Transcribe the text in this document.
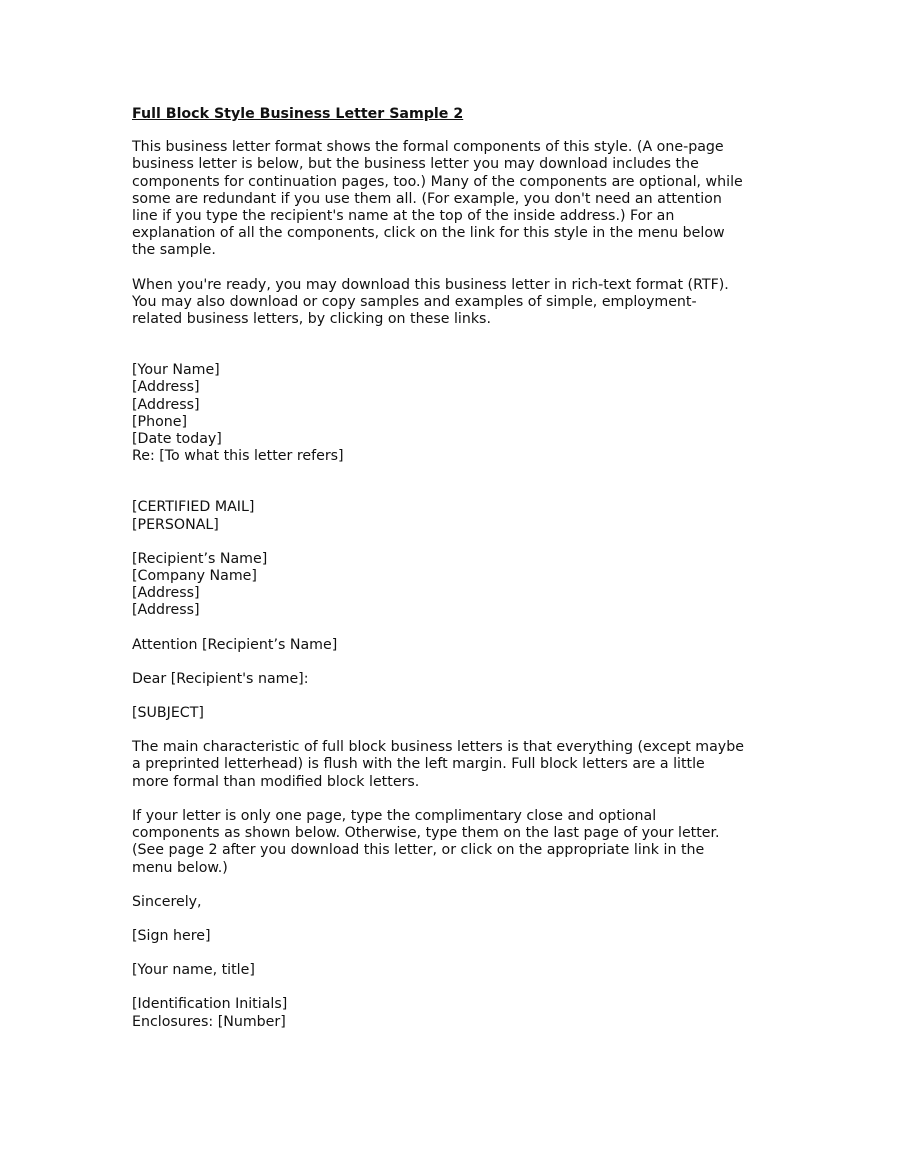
Full Block Style Business Letter Sample 2
This business letter format shows the formal components of this style. (A one-page
business letter is below, but the business letter you may download includes the
components for continuation pages, too.) Many of the components are optional, while
some are redundant if you use them all. (For example, you don't need an attention
line if you type the recipient's name at the top of the inside address.) For an
explanation of all the components, click on the link for this style in the menu below
the sample.
When you're ready, you may download this business letter in rich-text format (RTF).
You may also download or copy samples and examples of simple, employment-
related business letters, by clicking on these links.
[Your Name]
[Address]
[Address]
[Phone]
[Date today]
Re: [To what this letter refers]
[CERTIFIED MAIL]
[PERSONAL]
[Recipient’s Name]
[Company Name]
[Address]
[Address]
Attention [Recipient’s Name]
Dear [Recipient's name]:
[SUBJECT]
The main characteristic of full block business letters is that everything (except maybe
a preprinted letterhead) is flush with the left margin. Full block letters are a little
more formal than modified block letters.
If your letter is only one page, type the complimentary close and optional
components as shown below. Otherwise, type them on the last page of your letter.
(See page 2 after you download this letter, or click on the appropriate link in the
menu below.)
Sincerely,
[Sign here]
[Your name, title]
[Identification Initials]
Enclosures: [Number]
